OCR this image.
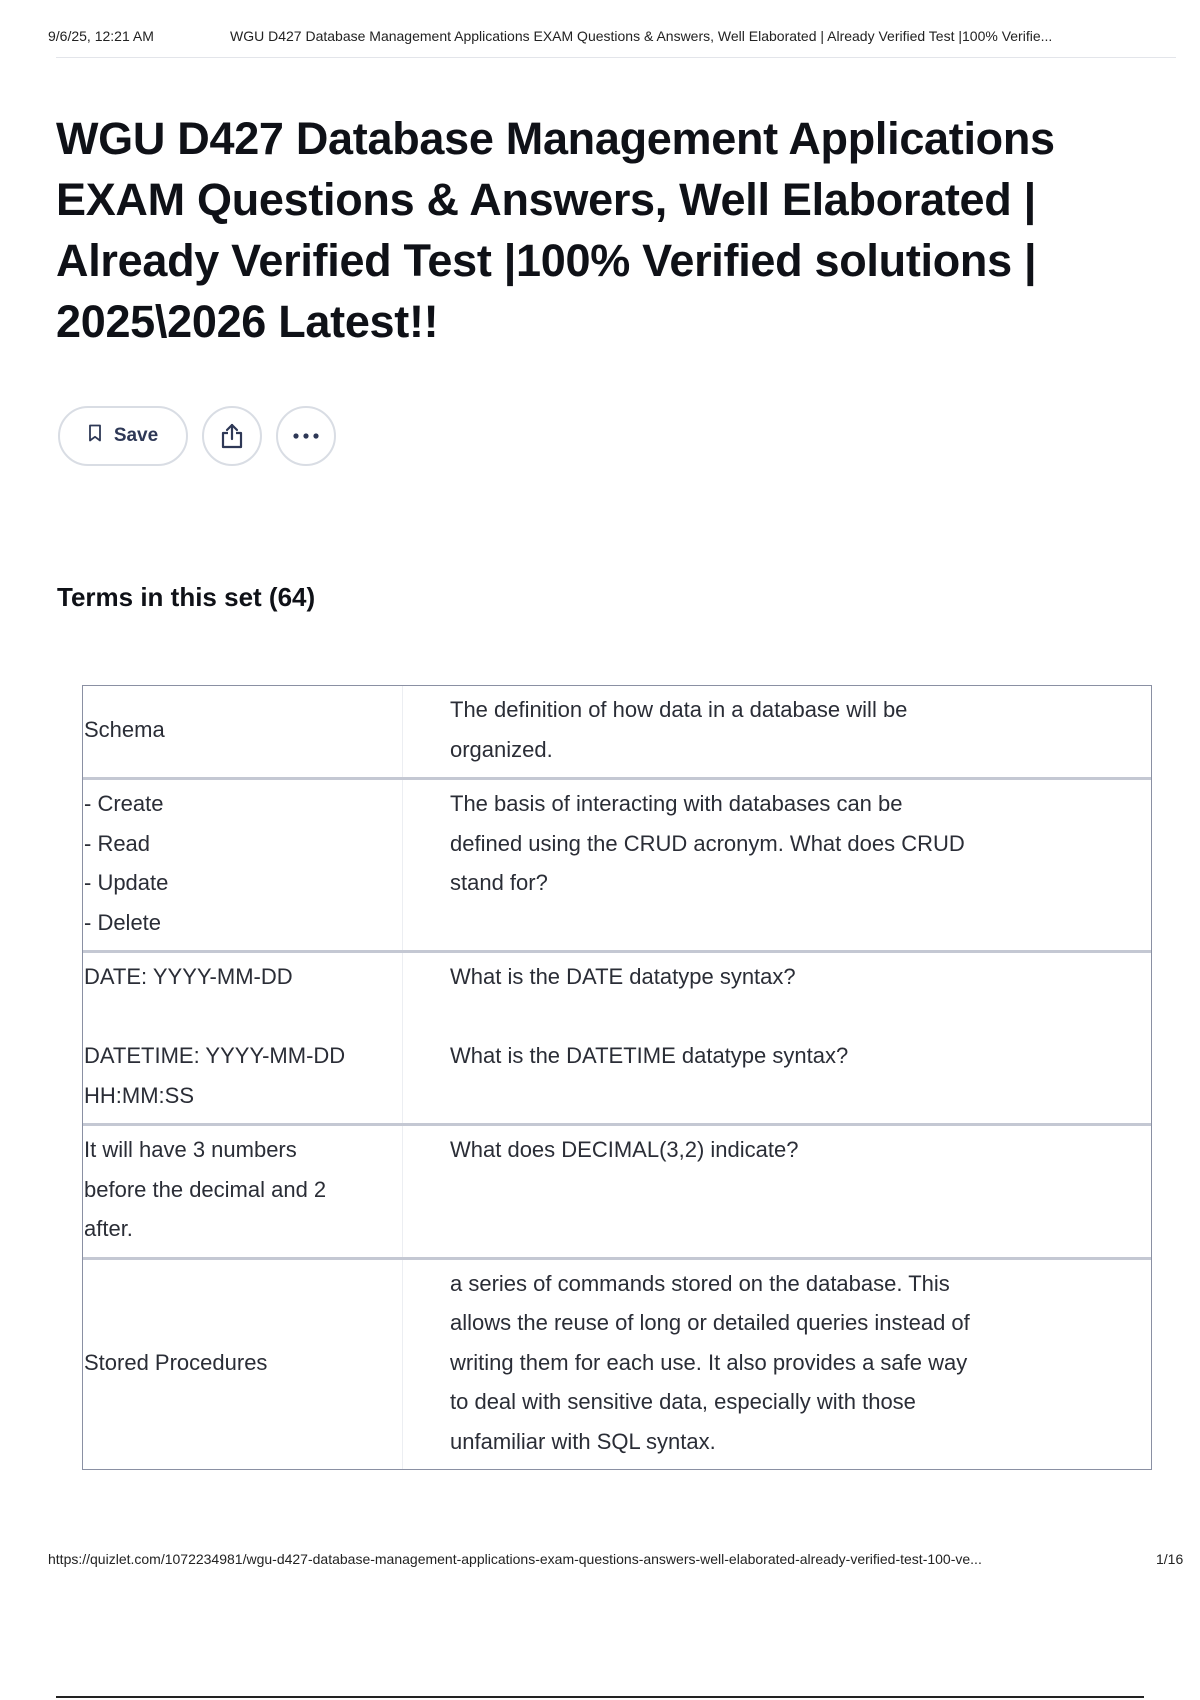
9/6/25, 12:21 AM	WGU D427 Database Management Applications EXAM Questions & Answers, Well Elaborated | Already Verified Test |100% Verifie...
WGU D427 Database Management Applications EXAM Questions & Answers, Well Elaborated | Already Verified Test |100% Verified solutions | 2025\2026 Latest!!
Save
Terms in this set (64)
Schema
The definition of how data in a database will be
organized.
- Create
- Read
- Update
- Delete
The basis of interacting with databases can be
defined using the CRUD acronym. What does CRUD
stand for?
DATE: YYYY-MM-DD
DATETIME: YYYY-MM-DD
HH:MM:SS
What is the DATE datatype syntax?
What is the DATETIME datatype syntax?
It will have 3 numbers
before the decimal and 2
after.
What does DECIMAL(3,2) indicate?
Stored Procedures
a series of commands stored on the database. This
allows the reuse of long or detailed queries instead of
writing them for each use. It also provides a safe way
to deal with sensitive data, especially with those
unfamiliar with SQL syntax.
https://quizlet.com/1072234981/wgu-d427-database-management-applications-exam-questions-answers-well-elaborated-already-verified-test-100-ve...	1/16
